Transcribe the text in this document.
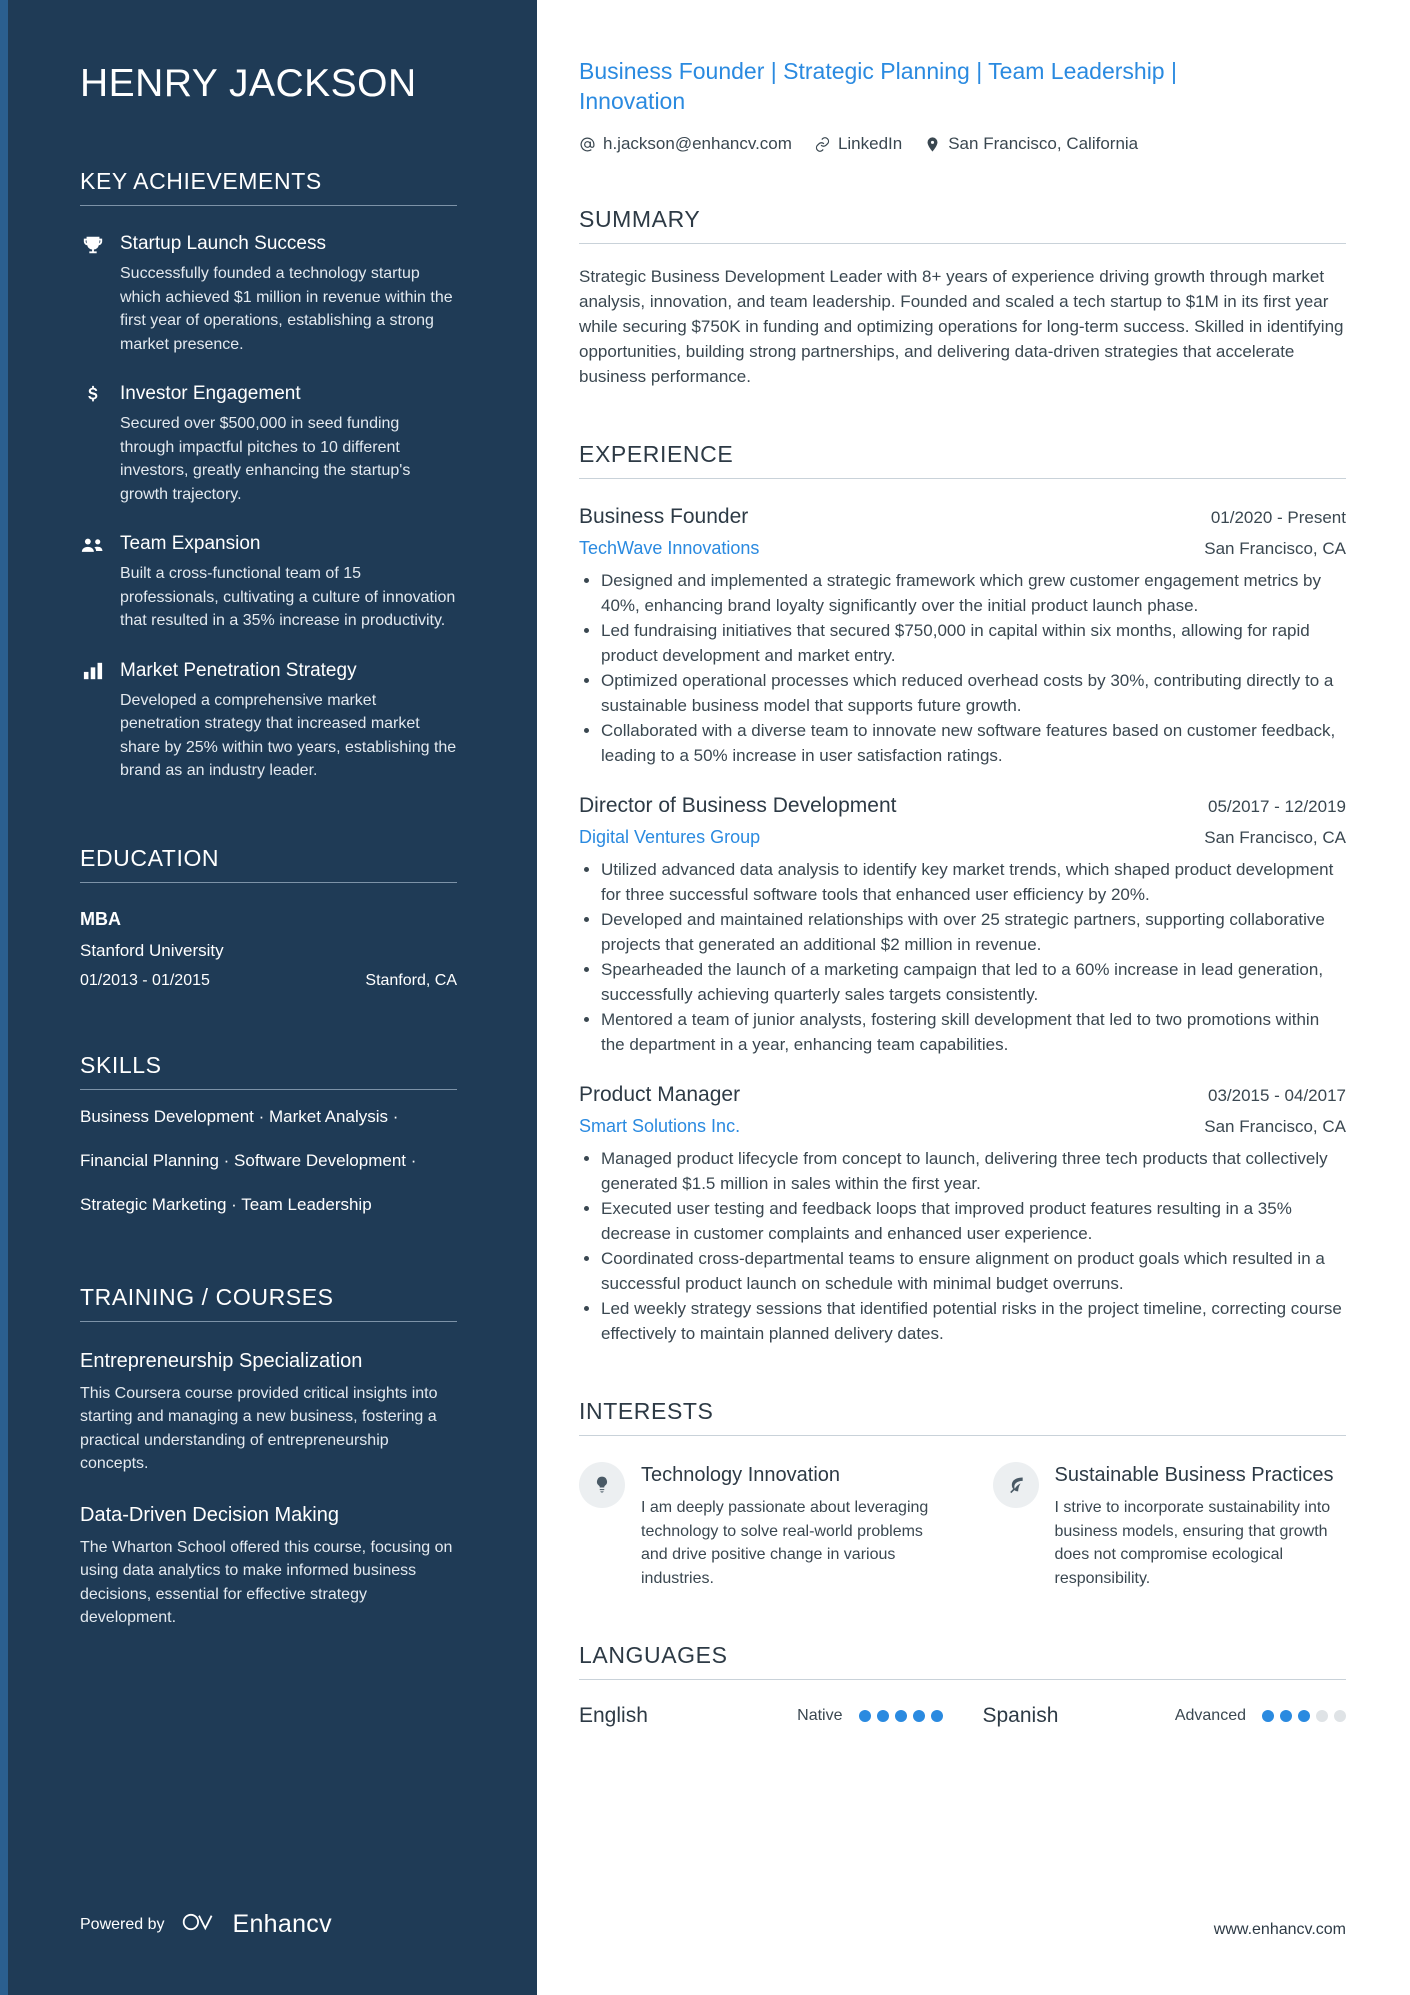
HENRY JACKSON
KEY ACHIEVEMENTS
Startup Launch Success
Successfully founded a technology startup which achieved $1 million in revenue within the first year of operations, establishing a strong market presence.
Investor Engagement
Secured over $500,000 in seed funding through impactful pitches to 10 different investors, greatly enhancing the startup's growth trajectory.
Team Expansion
Built a cross-functional team of 15 professionals, cultivating a culture of innovation that resulted in a 35% increase in productivity.
Market Penetration Strategy
Developed a comprehensive market penetration strategy that increased market share by 25% within two years, establishing the brand as an industry leader.
EDUCATION
MBA
Stanford University
01/2013 - 01/2015	Stanford, CA
SKILLS
Business Development · Market Analysis ·
Financial Planning · Software Development ·
Strategic Marketing · Team Leadership
TRAINING / COURSES
Entrepreneurship Specialization
This Coursera course provided critical insights into starting and managing a new business, fostering a practical understanding of entrepreneurship concepts.
Data-Driven Decision Making
The Wharton School offered this course, focusing on using data analytics to make informed business decisions, essential for effective strategy development.
Powered by	Enhancv
Business Founder | Strategic Planning | Team Leadership | Innovation
h.jackson@enhancv.com	LinkedIn	San Francisco, California
SUMMARY

Strategic Business Development Leader with 8+ years of experience driving growth through market analysis, innovation, and team leadership. Founded and scaled a tech startup to $1M in its first year while securing $750K in funding and optimizing operations for long-term success. Skilled in identifying opportunities, building strong partnerships, and delivering data-driven strategies that accelerate business performance.

EXPERIENCE
Business Founder	01/2020 - Present
TechWave Innovations	San Francisco, CA
• Designed and implemented a strategic framework which grew customer engagement metrics by 40%, enhancing brand loyalty significantly over the initial product launch phase.
• Led fundraising initiatives that secured $750,000 in capital within six months, allowing for rapid product development and market entry.
• Optimized operational processes which reduced overhead costs by 30%, contributing directly to a sustainable business model that supports future growth.
• Collaborated with a diverse team to innovate new software features based on customer feedback, leading to a 50% increase in user satisfaction ratings.
Director of Business Development	05/2017 - 12/2019
Digital Ventures Group	San Francisco, CA
• Utilized advanced data analysis to identify key market trends, which shaped product development for three successful software tools that enhanced user efficiency by 20%.
• Developed and maintained relationships with over 25 strategic partners, supporting collaborative projects that generated an additional $2 million in revenue.
• Spearheaded the launch of a marketing campaign that led to a 60% increase in lead generation, successfully achieving quarterly sales targets consistently.
• Mentored a team of junior analysts, fostering skill development that led to two promotions within the department in a year, enhancing team capabilities.
Product Manager	03/2015 - 04/2017
Smart Solutions Inc.	San Francisco, CA
• Managed product lifecycle from concept to launch, delivering three tech products that collectively generated $1.5 million in sales within the first year.
• Executed user testing and feedback loops that improved product features resulting in a 35% decrease in customer complaints and enhanced user experience.
• Coordinated cross-departmental teams to ensure alignment on product goals which resulted in a successful product launch on schedule with minimal budget overruns.
• Led weekly strategy sessions that identified potential risks in the project timeline, correcting course effectively to maintain planned delivery dates.
INTERESTS
Technology Innovation
I am deeply passionate about leveraging technology to solve real-world problems and drive positive change in various industries.
Sustainable Business Practices
I strive to incorporate sustainability into business models, ensuring that growth does not compromise ecological responsibility.
LANGUAGES
English	Native	Spanish	Advanced
www.enhancv.com
